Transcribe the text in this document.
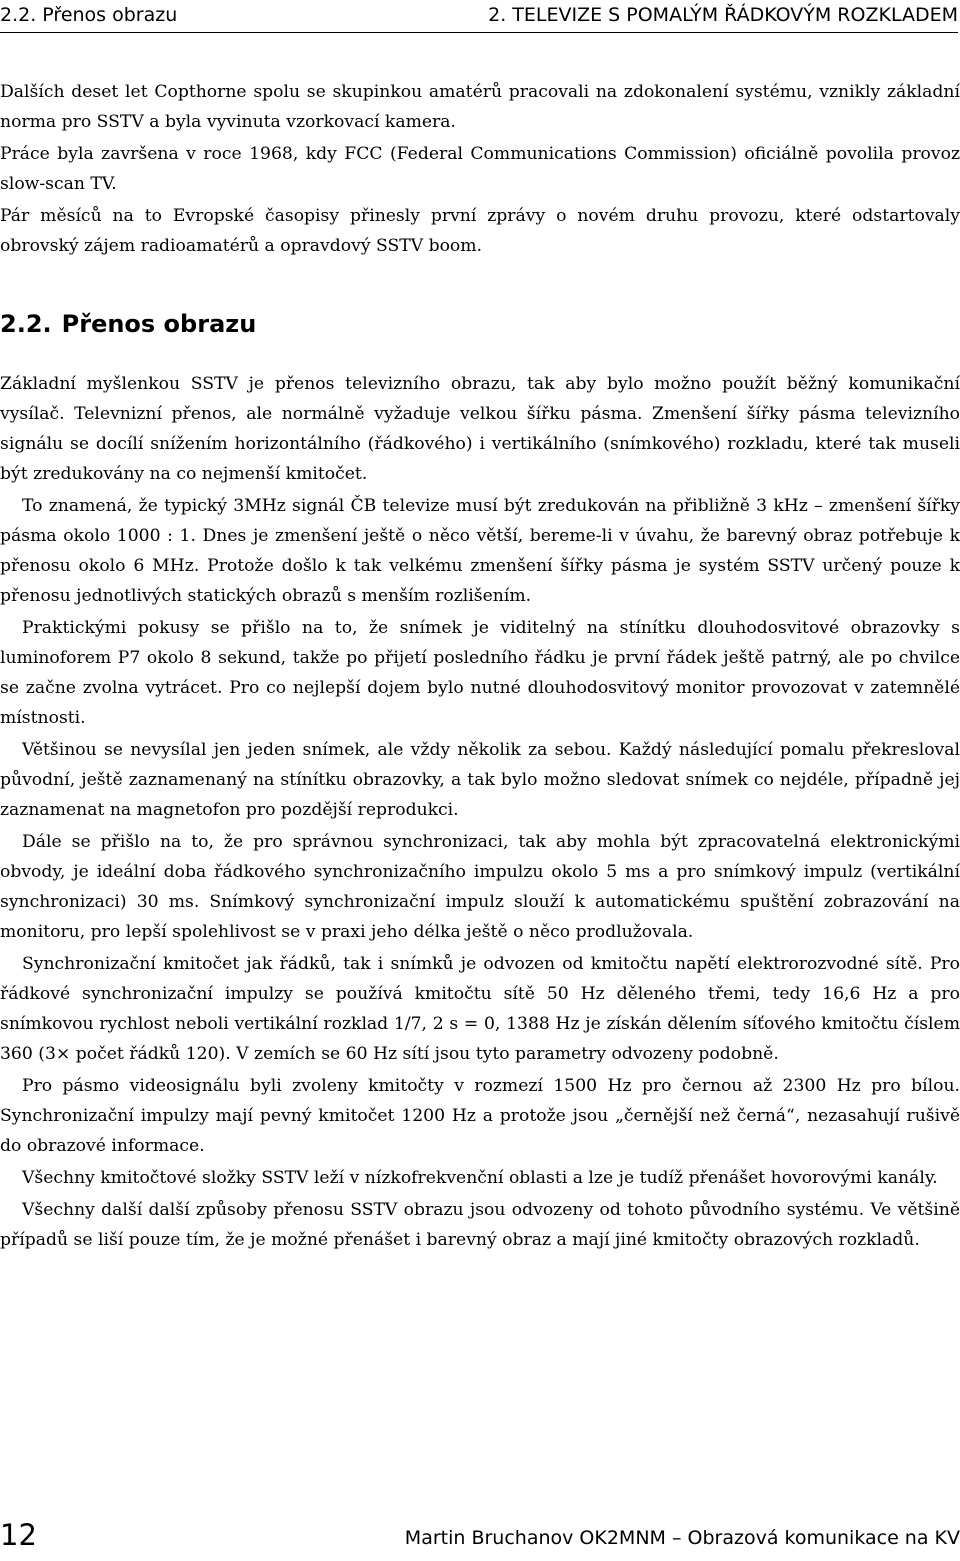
2.2. Přenos obrazu	2. TELEVIZE S POMALÝM ŘÁDKOVÝM ROZKLADEM

Dalších deset let Copthorne spolu se skupinkou amatérů pracovali na zdokonalení systému, vznikly základní norma pro SSTV a byla vyvinuta vzorkovací kamera.

Práce byla završena v roce 1968, kdy FCC (Federal Communications Commission) oficiálně povolila provoz slow-scan TV.

Pár měsíců na to Evropské časopisy přinesly první zprávy o novém druhu provozu, které odstartovaly obrovský zájem radioamatérů a opravdový SSTV boom.

2.2. Přenos obrazu

Základní myšlenkou SSTV je přenos televizního obrazu, tak aby bylo možno použít běžný komunikační vysílač. Televnizní přenos, ale normálně vyžaduje velkou šířku pásma. Zmenšení šířky pásma televizního signálu se docílí snížením horizontálního (řádkového) i vertikálního (snímkového) rozkladu, které tak museli být zredukovány na co nejmenší kmitočet.

To znamená, že typický 3MHz signál ČB televize musí být zredukován na přibližně 3 kHz – zmenšení šířky pásma okolo 1000 : 1. Dnes je zmenšení ještě o něco větší, bereme-li v úvahu, že barevný obraz potřebuje k přenosu okolo 6 MHz. Protože došlo k tak velkému zmenšení šířky pásma je systém SSTV určený pouze k přenosu jednotlivých statických obrazů s menším rozlišením.

Praktickými pokusy se přišlo na to, že snímek je viditelný na stínítku dlouhodosvitové obrazovky s luminoforem P7 okolo 8 sekund, takže po přijetí posledního řádku je první řádek ještě patrný, ale po chvilce se začne zvolna vytrácet. Pro co nejlepší dojem bylo nutné dlouhodosvitový monitor provozovat v zatemnělé místnosti.

Většinou se nevysílal jen jeden snímek, ale vždy několik za sebou. Každý následující pomalu překresloval původní, ještě zaznamenaný na stínítku obrazovky, a tak bylo možno sledovat snímek co nejdéle, případně jej zaznamenat na magnetofon pro pozdější reprodukci.

Dále se přišlo na to, že pro správnou synchronizaci, tak aby mohla být zpracovatelná elektronickými obvody, je ideální doba řádkového synchronizačního impulzu okolo 5 ms a pro snímkový impulz (vertikální synchronizaci) 30 ms. Snímkový synchronizační impulz slouží k automatickému spuštění zobrazování na monitoru, pro lepší spolehlivost se v praxi jeho délka ještě o něco prodlužovala.

Synchronizační kmitočet jak řádků, tak i snímků je odvozen od kmitočtu napětí elektrorozvodné sítě. Pro řádkové synchronizační impulzy se používá kmitočtu sítě 50 Hz děleného třemi, tedy 16,6 Hz a pro snímkovou rychlost neboli vertikální rozklad 1/7, 2 s = 0, 1388 Hz je získán dělením síťového kmitočtu číslem 360 (3× počet řádků 120). V zemích se 60 Hz sítí jsou tyto parametry odvozeny podobně.

Pro pásmo videosignálu byli zvoleny kmitočty v rozmezí 1500 Hz pro černou až 2300 Hz pro bílou. Synchronizační impulzy mají pevný kmitočet 1200 Hz a protože jsou „černější než černá“, nezasahují rušivě do obrazové informace.

Všechny kmitočtové složky SSTV leží v nízkofrekvenční oblasti a lze je tudíž přenášet hovorovými kanály.

Všechny další další způsoby přenosu SSTV obrazu jsou odvozeny od tohoto původního systému. Ve většině případů se liší pouze tím, že je možné přenášet i barevný obraz a mají jiné kmitočty obrazových rozkladů.

12	Martin Bruchanov OK2MNM – Obrazová komunikace na KV
